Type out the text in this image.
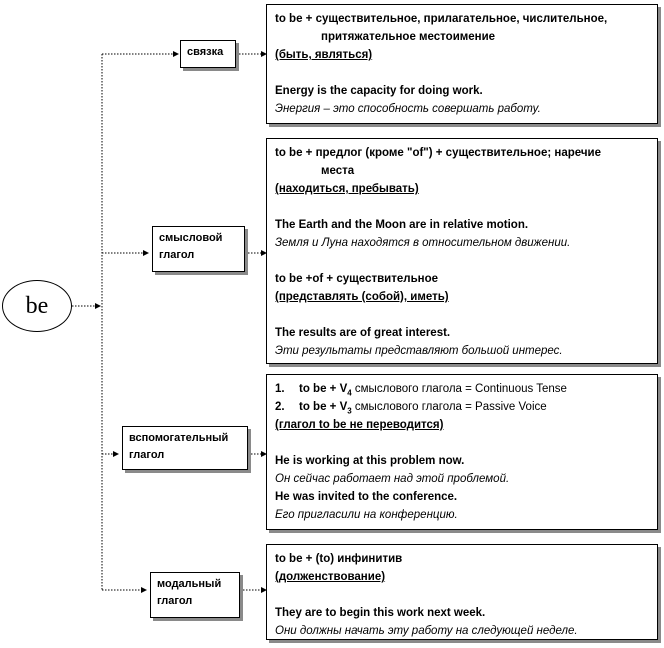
be
связка
смысловой
глагол
вспомогательный
глагол
модальный
глагол

to be + существительное, прилагательное, числительное,

притяжательное местоимение

(быть, являться)

Energy is the capacity for doing work.

Энергия – это способность совершать работу.

to be + предлог (кроме "of") + существительное; наречие

места

(находиться, пребывать)

The Earth and the Moon are in relative motion.

Земля и Луна находятся в относительном движении.

to be +of + существительное

(представлять (собой), иметь)

The results are of great interest.

Эти результаты представляют большой интерес.

1. to be + $V_4$ смыслового глагола = Continuous Tense

2. to be + $V_3$ смыслового глагола = Passive Voice

(глагол to be не переводится)

He is working at this problem now.

Он сейчас работает над этой проблемой.

He was invited to the conference.

Его пригласили на конференцию.

to be + (to) инфинитив

(долженствование)

They are to begin this work next week.

Они должны начать эту работу на следующей неделе.
